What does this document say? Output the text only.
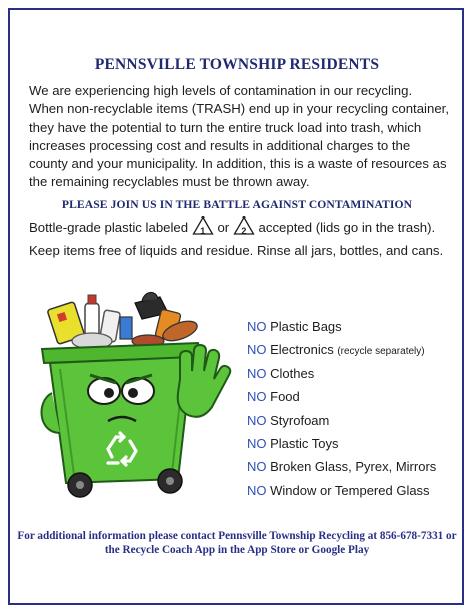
PENNSVILLE TOWNSHIP RESIDENTS
We are experiencing high levels of contamination in our recycling. When non-recyclable items (TRASH) end up in your recycling container, they have the potential to turn the entire truck load into trash, which increases processing cost and results in additional charges to the county and your municipality. In addition, this is a waste of resources as the remaining recyclables must be thrown away.
PLEASE JOIN US IN THE BATTLE AGAINST CONTAMINATION
Bottle-grade plastic labeled	1 or	2 accepted (lids go in the trash).
Keep items free of liquids and residue. Rinse all jars, bottles, and cans.
NO Plastic Bags
NO Electronics (recycle separately)
NO Clothes
NO Food
NO Styrofoam
NO Plastic Toys
NO Broken Glass, Pyrex, Mirrors
NO Window or Tempered Glass
For additional information please contact Pennsville Township Recycling at 856-678-7331 or the Recycle Coach App in the App Store or Google Play
